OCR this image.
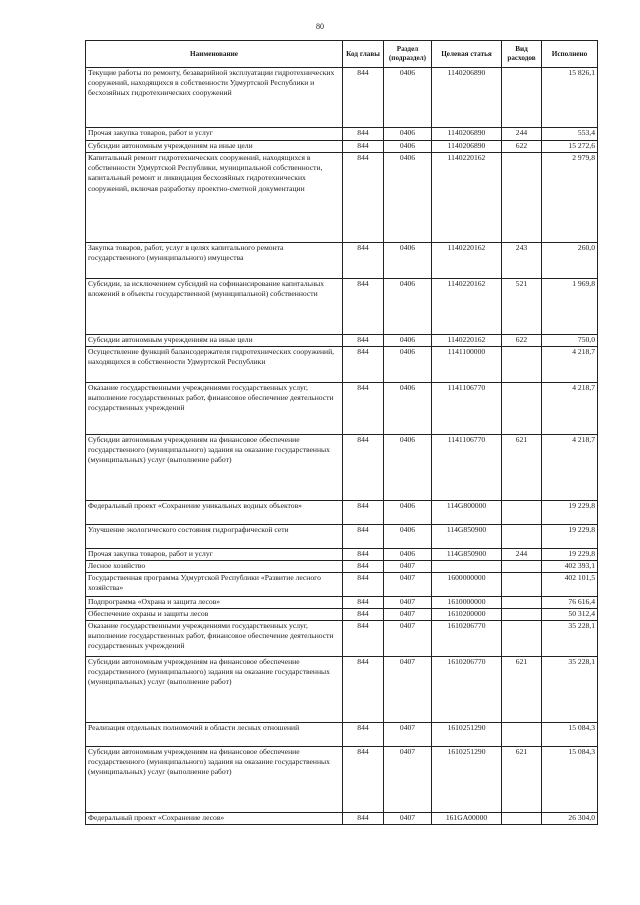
80
Наименование	Код главы	Раздел (подраздел)	Целевая статья	Вид расходов	Исполнено
Текущие работы по ремонту, безаварийной эксплуатации гидротехнических сооружений, находящихся в собственности Удмуртской Республики и бесхозяйных гидротехнических сооружений	844	0406	1140206890		15 826,1
Прочая закупка товаров, работ и услуг	844	0406	1140206890	244	553,4
Субсидии автономным учреждениям на иные цели	844	0406	1140206890	622	15 272,6
Капитальный ремонт гидротехнических сооружений, находящихся в собственности Удмуртской Республики, муниципальной собственности, капитальный ремонт и ликвидация бесхозяйных гидротехнических сооружений, включая разработку проектно-сметной документации	844	0406	1140220162		2 979,8
Закупка товаров, работ, услуг в целях капитального ремонта государственного (муниципального) имущества	844	0406	1140220162	243	260,0
Субсидии, за исключением субсидий на софинансирование капитальных вложений в объекты государственной (муниципальной) собственности	844	0406	1140220162	521	1 969,8
Субсидии автономным учреждениям на иные цели	844	0406	1140220162	622	750,0
Осуществление функций балансодержателя гидротехнических сооружений, находящихся в собственности Удмуртской Республики	844	0406	1141100000		4 218,7
Оказание государственными учреждениями государственных услуг, выполнение государственных работ, финансовое обеспечение деятельности государственных учреждений	844	0406	1141106770		4 218,7
Субсидии автономным учреждениям на финансовое обеспечение государственного (муниципального) задания на оказание государственных (муниципальных) услуг (выполнение работ)	844	0406	1141106770	621	4 218,7
Федеральный проект «Сохранение уникальных водных объектов»	844	0406	114G800000		19 229,8
Улучшение экологического состояния гидрографической сети	844	0406	114G850900		19 229,8
Прочая закупка товаров, работ и услуг	844	0406	114G850900	244	19 229,8
Лесное хозяйство	844	0407			402 393,1
Государственная программа Удмуртской Республики «Развитие лесного хозяйства»	844	0407	1600000000		402 101,5
Подпрограмма «Охрана и защита лесов»	844	0407	1610000000		76 616,4
Обеспечение охраны и защиты лесов	844	0407	1610200000		50 312,4
Оказание государственными учреждениями государственных услуг, выполнение государственных работ, финансовое обеспечение деятельности государственных учреждений	844	0407	1610206770		35 228,1
Субсидии автономным учреждениям на финансовое обеспечение государственного (муниципального) задания на оказание государственных (муниципальных) услуг (выполнение работ)	844	0407	1610206770	621	35 228,1
Реализация отдельных полномочий в области лесных отношений	844	0407	1610251290		15 084,3
Субсидии автономным учреждениям на финансовое обеспечение государственного (муниципального) задания на оказание государственных (муниципальных) услуг (выполнение работ)	844	0407	1610251290	621	15 084,3
Федеральный проект «Сохранение лесов»	844	0407	161GA00000		26 304,0
